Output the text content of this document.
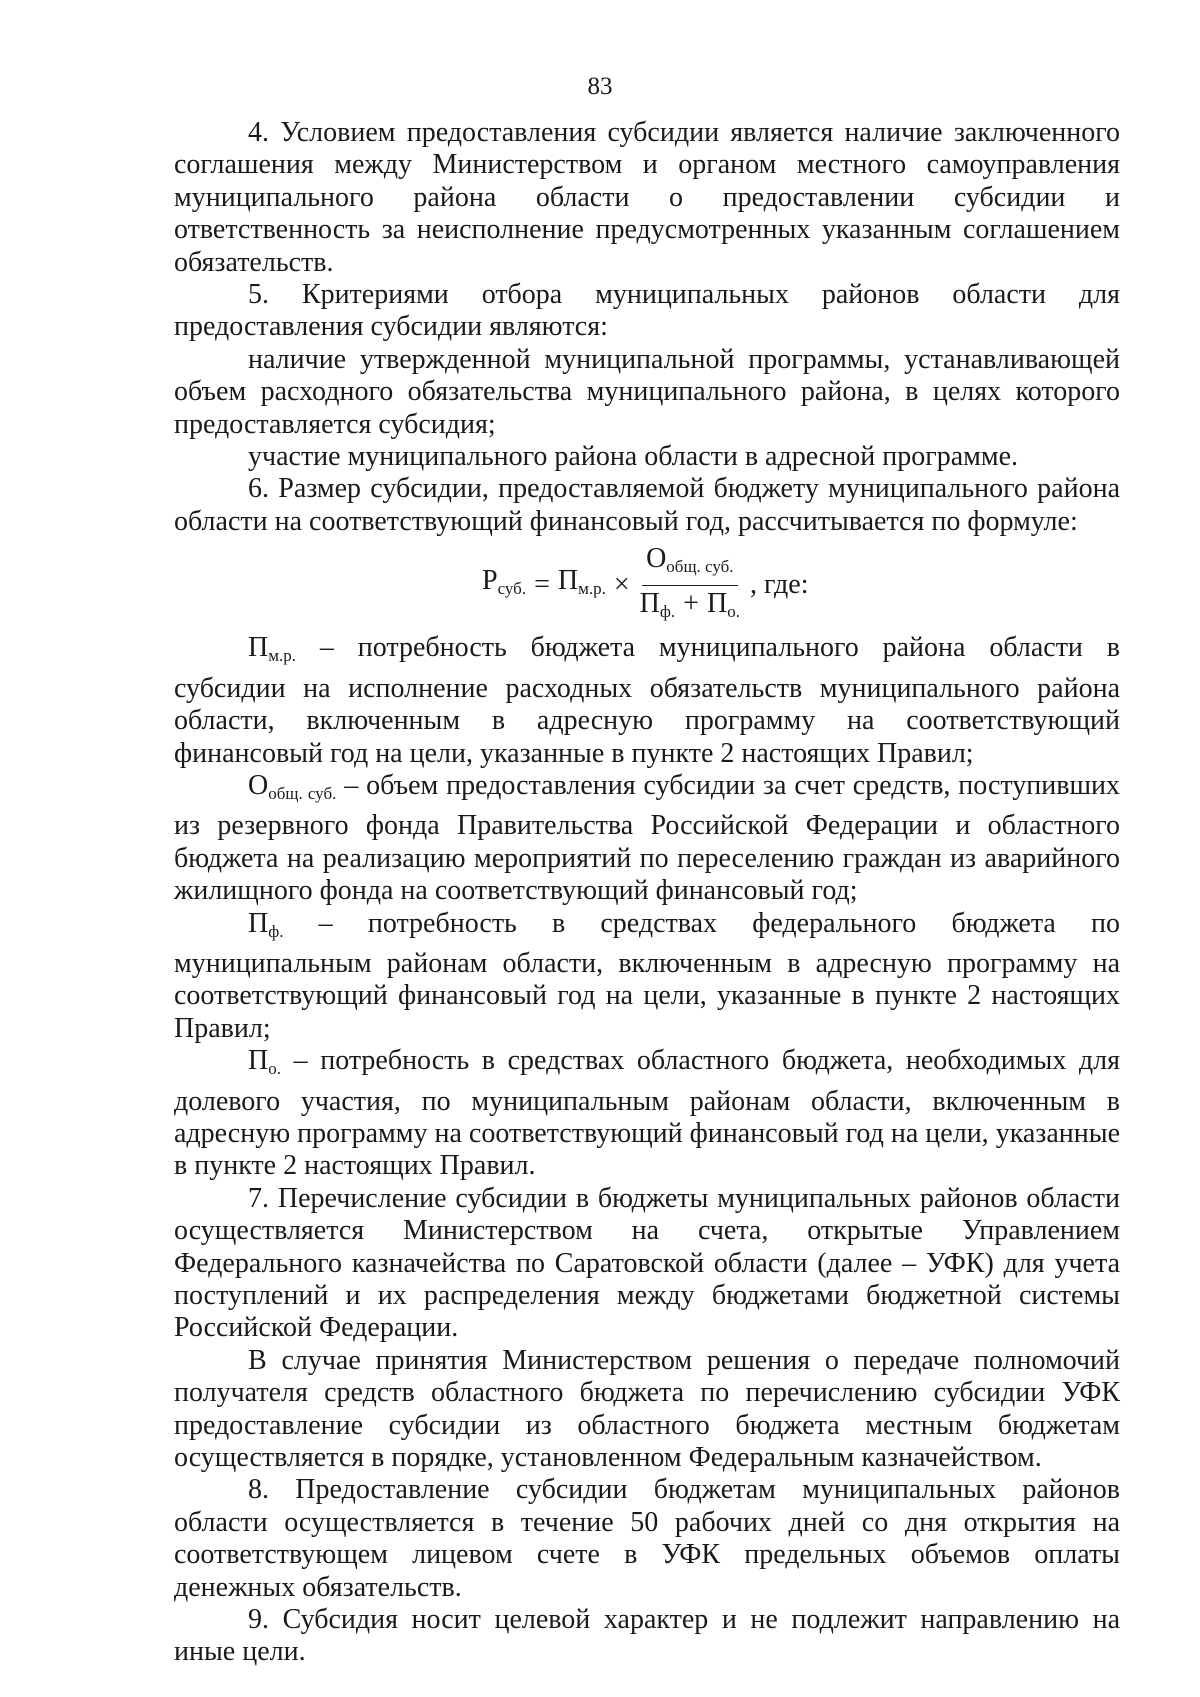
83

4. Условием предоставления субсидии является наличие заключенного соглашения между Министерством и органом местного самоуправления муниципального района области о предоставлении субсидии и ответственность за неисполнение предусмотренных указанным соглашением обязательств.

5. Критериями отбора муниципальных районов области для предоставления субсидии являются:

наличие утвержденной муниципальной программы, устанавливающей объем расходного обязательства муниципального района, в целях которого предоставляется субсидия;

участие муниципального района области в адресной программе.

6. Размер субсидии, предоставляемой бюджету муниципального района области на соответствующий финансовый год, рассчитывается по формуле:

$Р_{суб.} = П_{м.р.} \times \frac{О_{общ. суб.}}{П_{ф.} + П_{о.}}$ , где:

$П_{м.р.}$ – потребность бюджета муниципального района области в субсидии на исполнение расходных обязательств муниципального района области, включенным в адресную программу на соответствующий финансовый год на цели, указанные в пункте 2 настоящих Правил;

$О_{общ. суб.}$ – объем предоставления субсидии за счет средств, поступивших из резервного фонда Правительства Российской Федерации и областного бюджета на реализацию мероприятий по переселению граждан из аварийного жилищного фонда на соответствующий финансовый год;

$П_{ф.}$ – потребность в средствах федерального бюджета по муниципальным районам области, включенным в адресную программу на соответствующий финансовый год на цели, указанные в пункте 2 настоящих Правил;

$П_{о.}$ – потребность в средствах областного бюджета, необходимых для долевого участия, по муниципальным районам области, включенным в адресную программу на соответствующий финансовый год на цели, указанные в пункте 2 настоящих Правил.

7. Перечисление субсидии в бюджеты муниципальных районов области осуществляется Министерством на счета, открытые Управлением Федерального казначейства по Саратовской области (далее – УФК) для учета поступлений и их распределения между бюджетами бюджетной системы Российской Федерации.

В случае принятия Министерством решения о передаче полномочий получателя средств областного бюджета по перечислению субсидии УФК предоставление субсидии из областного бюджета местным бюджетам осуществляется в порядке, установленном Федеральным казначейством.

8. Предоставление субсидии бюджетам муниципальных районов области осуществляется в течение 50 рабочих дней со дня открытия на соответствующем лицевом счете в УФК предельных объемов оплаты денежных обязательств.

9. Субсидия носит целевой характер и не подлежит направлению на иные цели.
